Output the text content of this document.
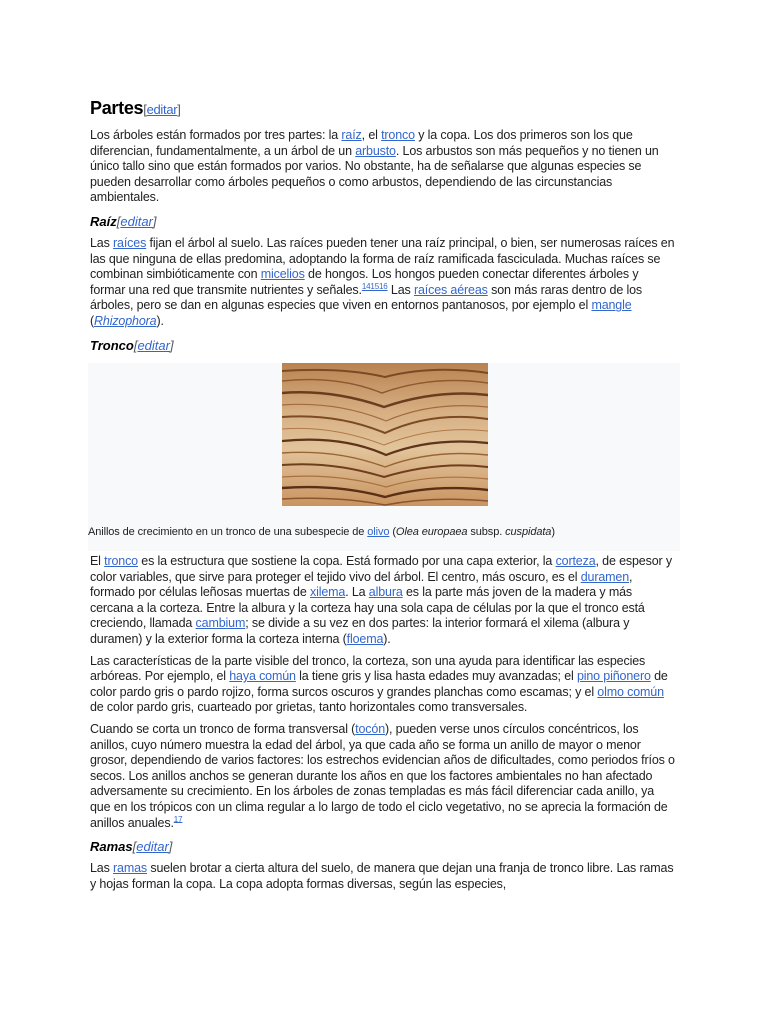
Partes[editar]

Los árboles están formados por tres partes: la raíz, el tronco y la copa. Los dos primeros son los que diferencian, fundamentalmente, a un árbol de un arbusto. Los arbustos son más pequeños y no tienen un único tallo sino que están formados por varios. No obstante, ha de señalarse que algunas especies se pueden desarrollar como árboles pequeños o como arbustos, dependiendo de las circunstancias ambientales.

Raíz[editar]

Las raíces fijan el árbol al suelo. Las raíces pueden tener una raíz principal, o bien, ser numerosas raíces en las que ninguna de ellas predomina, adoptando la forma de raíz ramificada fasciculada. Muchas raíces se combinan simbióticamente con micelios de hongos. Los hongos pueden conectar diferentes árboles y formar una red que transmite nutrientes y señales.$^{141516}$ Las raíces aéreas son más raras dentro de los árboles, pero se dan en algunas especies que viven en entornos pantanosos, por ejemplo el mangle (Rhizophora).

Tronco[editar]
Anillos de crecimiento en un tronco de una subespecie de olivo (Olea europaea subsp. cuspidata)

El tronco es la estructura que sostiene la copa. Está formado por una capa exterior, la corteza, de espesor y color variables, que sirve para proteger el tejido vivo del árbol. El centro, más oscuro, es el duramen, formado por células leñosas muertas de xilema. La albura es la parte más joven de la madera y más cercana a la corteza. Entre la albura y la corteza hay una sola capa de células por la que el tronco está creciendo, llamada cambium; se divide a su vez en dos partes: la interior formará el xilema (albura y duramen) y la exterior forma la corteza interna (floema).

Las características de la parte visible del tronco, la corteza, son una ayuda para identificar las especies arbóreas. Por ejemplo, el haya común la tiene gris y lisa hasta edades muy avanzadas; el pino piñonero de color pardo gris o pardo rojizo, forma surcos oscuros y grandes planchas como escamas; y el olmo común de color pardo gris, cuarteado por grietas, tanto horizontales como transversales.

Cuando se corta un tronco de forma transversal (tocón), pueden verse unos círculos concéntricos, los anillos, cuyo número muestra la edad del árbol, ya que cada año se forma un anillo de mayor o menor grosor, dependiendo de varios factores: los estrechos evidencian años de dificultades, como periodos fríos o secos. Los anillos anchos se generan durante los años en que los factores ambientales no han afectado adversamente su crecimiento. En los árboles de zonas templadas es más fácil diferenciar cada anillo, ya que en los trópicos con un clima regular a lo largo de todo el ciclo vegetativo, no se aprecia la formación de anillos anuales.$^{17}$

Ramas[editar]

Las ramas suelen brotar a cierta altura del suelo, de manera que dejan una franja de tronco libre. Las ramas y hojas forman la copa. La copa adopta formas diversas, según las especies,
